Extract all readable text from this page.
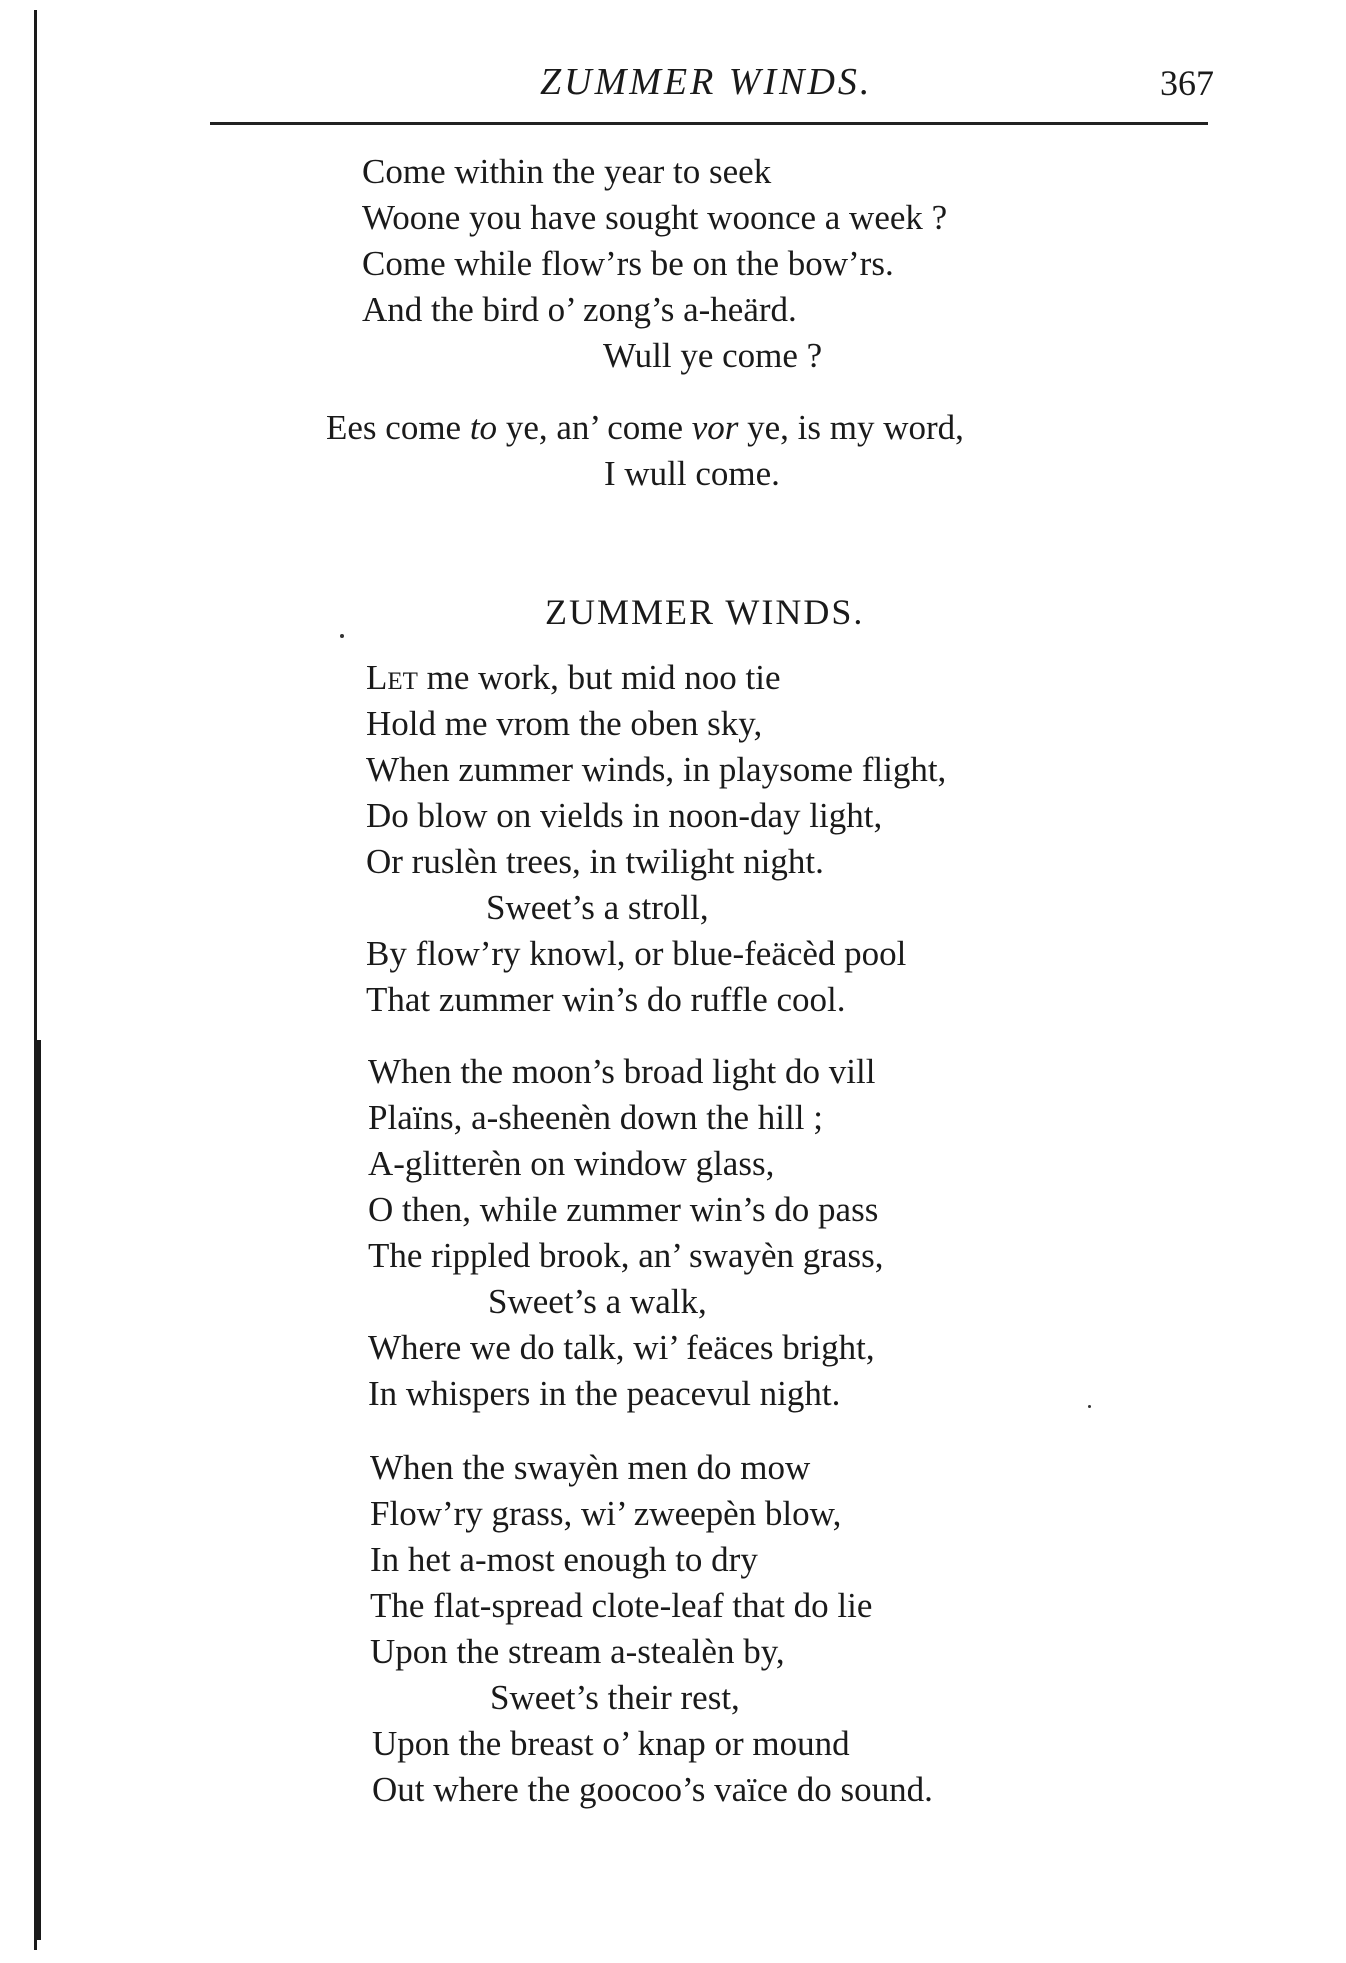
ZUMMER WINDS.	367
Come within the year to seek
Woone you have sought woonce a week ?
Come while flow’rs be on the bow’rs.
And the bird o’ zong’s a-heärd.
Wull ye come ?
Ees come to ye, an’ come vor ye, is my word,
I wull come.
ZUMMER WINDS.
Let me work, but mid noo tie
Hold me vrom the oben sky,
When zummer winds, in playsome flight,
Do blow on vields in noon-day light,
Or ruslèn trees, in twilight night.
Sweet’s a stroll,
By flow’ry knowl, or blue-feäcèd pool
That zummer win’s do ruffle cool.
When the moon’s broad light do vill
Plaïns, a-sheenèn down the hill ;
A-glitterèn on window glass,
O then, while zummer win’s do pass
The rippled brook, an’ swayèn grass,
Sweet’s a walk,
Where we do talk, wi’ feäces bright,
In whispers in the peacevul night.
When the swayèn men do mow
Flow’ry grass, wi’ zweepèn blow,
In het a-most enough to dry
The flat-spread clote-leaf that do lie
Upon the stream a-stealèn by,
Sweet’s their rest,
Upon the breast o’ knap or mound
Out where the goocoo’s vaïce do sound.
